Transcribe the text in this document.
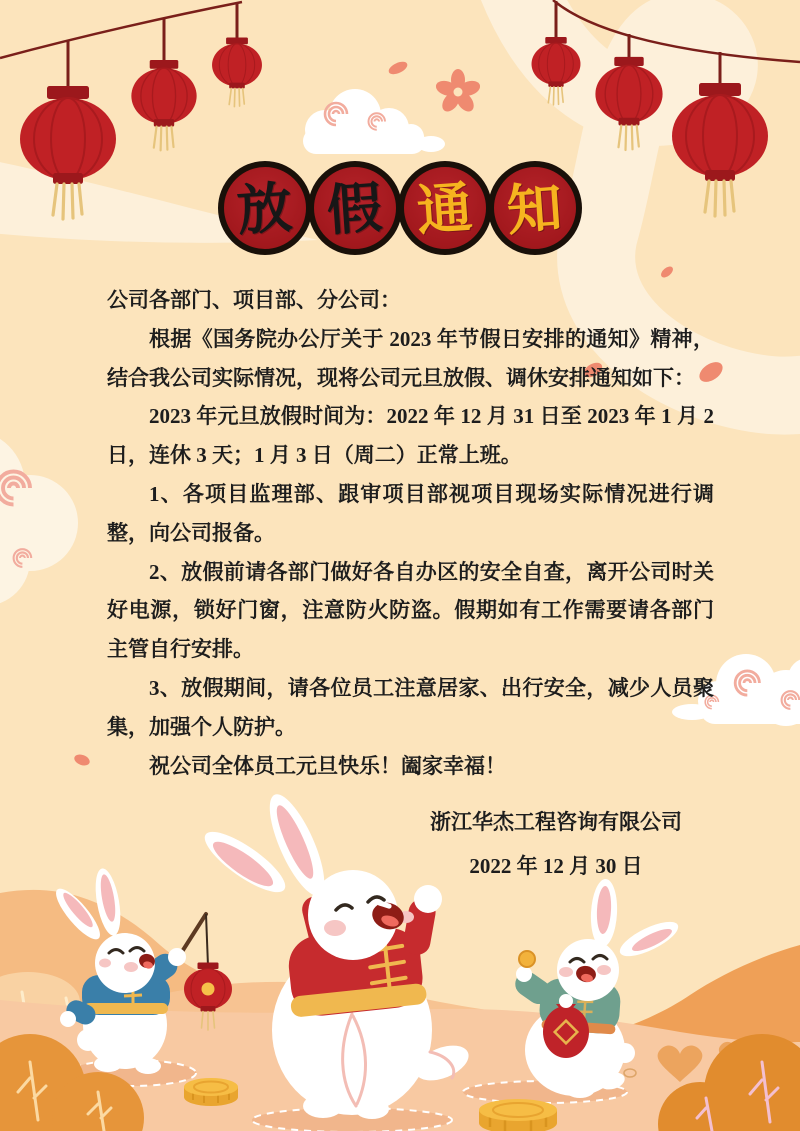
放 假 通 知

公司各部门、项目部、分公司：

根据《国务院办公厅关于 2023 年节假日安排的通知》精神，结合我公司实际情况，现将公司元旦放假、调休安排通知如下：

2023 年元旦放假时间为：2022 年 12 月 31 日至 2023 年 1 月 2 日，连休 3 天；1 月 3 日（周二）正常上班。

1、各项目监理部、跟审项目部视项目现场实际情况进行调整，向公司报备。

2、放假前请各部门做好各自办区的安全自查，离开公司时关好电源，锁好门窗，注意防火防盗。假期如有工作需要请各部门主管自行安排。

3、放假期间，请各位员工注意居家、出行安全，减少人员聚集，加强个人防护。

祝公司全体员工元旦快乐！阖家幸福！

浙江华杰工程咨询有限公司
2022 年 12 月 30 日
